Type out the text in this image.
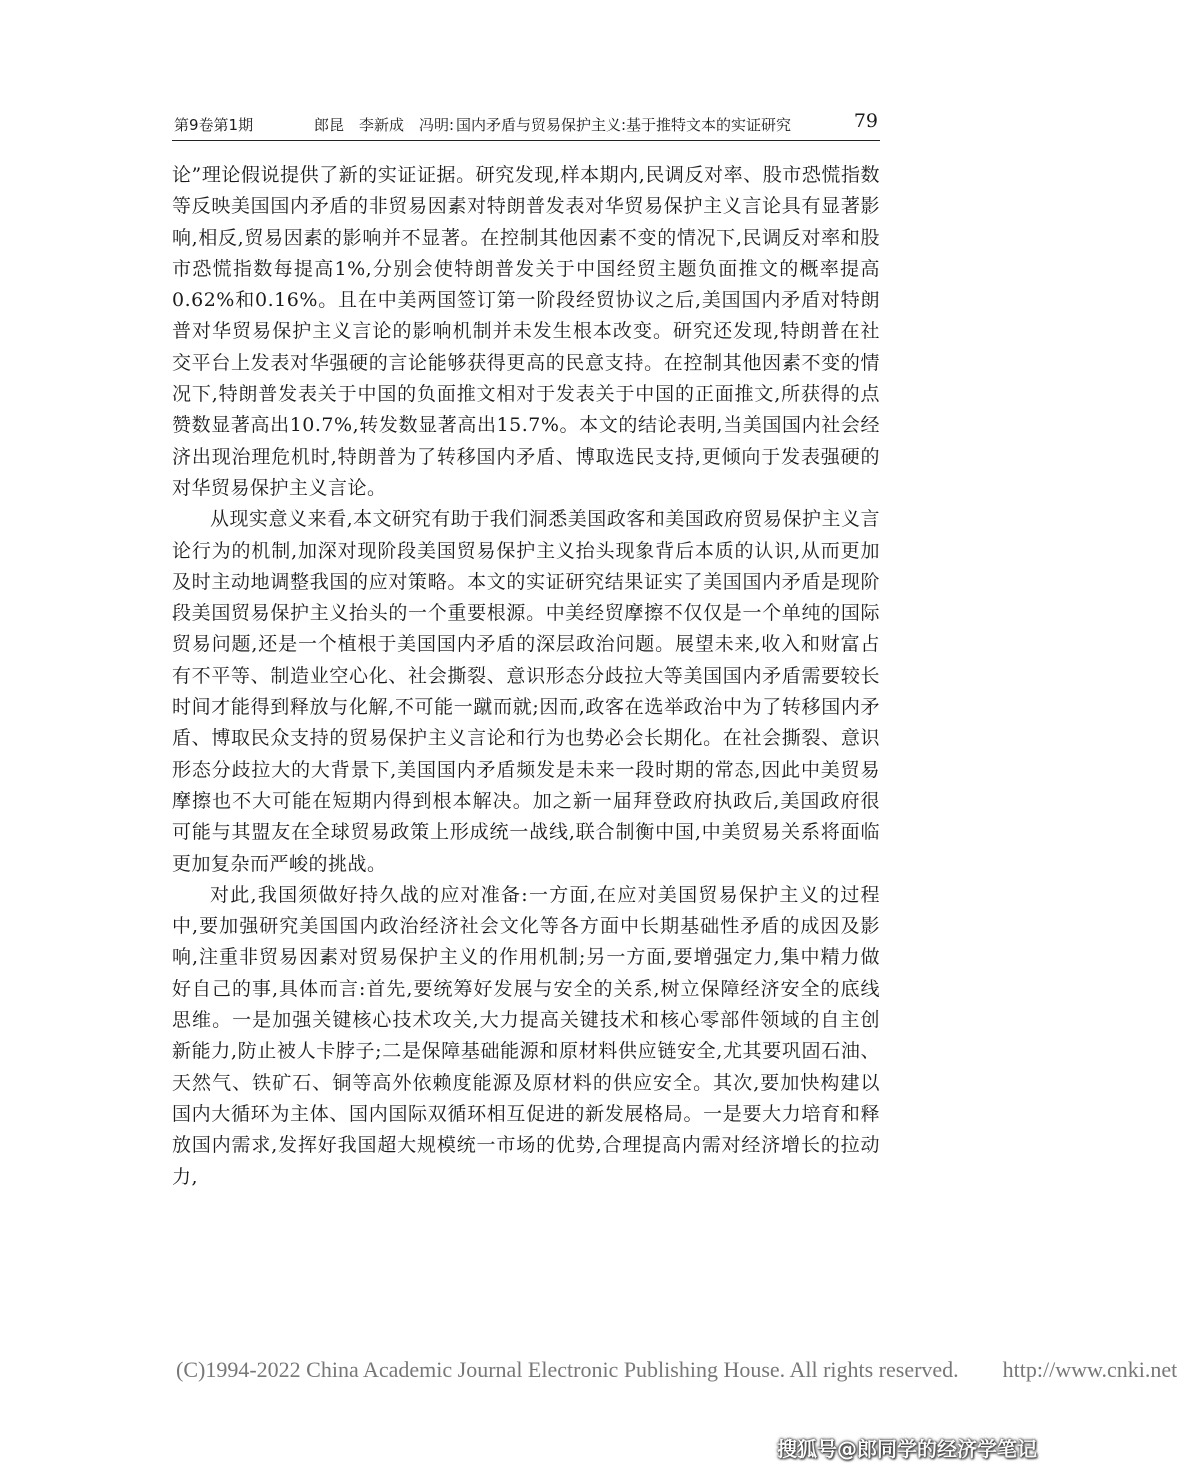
第9卷第1期	郎昆　李新成　冯明: 国内矛盾与贸易保护主义:基于推特文本的实证研究	79

论”理论假说提供了新的实证证据。研究发现,样本期内,民调反对率、股市恐慌指数等反映美国国内矛盾的非贸易因素对特朗普发表对华贸易保护主义言论具有显著影响,相反,贸易因素的影响并不显著。在控制其他因素不变的情况下,民调反对率和股市恐慌指数每提高1%,分别会使特朗普发关于中国经贸主题负面推文的概率提高0.62%和0.16%。且在中美两国签订第一阶段经贸协议之后,美国国内矛盾对特朗普对华贸易保护主义言论的影响机制并未发生根本改变。研究还发现,特朗普在社交平台上发表对华强硬的言论能够获得更高的民意支持。在控制其他因素不变的情况下,特朗普发表关于中国的负面推文相对于发表关于中国的正面推文,所获得的点赞数显著高出10.7%,转发数显著高出15.7%。本文的结论表明,当美国国内社会经济出现治理危机时,特朗普为了转移国内矛盾、博取选民支持,更倾向于发表强硬的对华贸易保护主义言论。

从现实意义来看,本文研究有助于我们洞悉美国政客和美国政府贸易保护主义言论行为的机制,加深对现阶段美国贸易保护主义抬头现象背后本质的认识,从而更加及时主动地调整我国的应对策略。本文的实证研究结果证实了美国国内矛盾是现阶段美国贸易保护主义抬头的一个重要根源。中美经贸摩擦不仅仅是一个单纯的国际贸易问题,还是一个植根于美国国内矛盾的深层政治问题。展望未来,收入和财富占有不平等、制造业空心化、社会撕裂、意识形态分歧拉大等美国国内矛盾需要较长时间才能得到释放与化解,不可能一蹴而就;因而,政客在选举政治中为了转移国内矛盾、博取民众支持的贸易保护主义言论和行为也势必会长期化。在社会撕裂、意识形态分歧拉大的大背景下,美国国内矛盾频发是未来一段时期的常态,因此中美贸易摩擦也不大可能在短期内得到根本解决。加之新一届拜登政府执政后,美国政府很可能与其盟友在全球贸易政策上形成统一战线,联合制衡中国,中美贸易关系将面临更加复杂而严峻的挑战。

对此,我国须做好持久战的应对准备:一方面,在应对美国贸易保护主义的过程中,要加强研究美国国内政治经济社会文化等各方面中长期基础性矛盾的成因及影响,注重非贸易因素对贸易保护主义的作用机制;另一方面,要增强定力,集中精力做好自己的事,具体而言:首先,要统筹好发展与安全的关系,树立保障经济安全的底线思维。一是加强关键核心技术攻关,大力提高关键技术和核心零部件领域的自主创新能力,防止被人卡脖子;二是保障基础能源和原材料供应链安全,尤其要巩固石油、天然气、铁矿石、铜等高外依赖度能源及原材料的供应安全。其次,要加快构建以国内大循环为主体、国内国际双循环相互促进的新发展格局。一是要大力培育和释放国内需求,发挥好我国超大规模统一市场的优势,合理提高内需对经济增长的拉动力,

(C)1994-2022 China Academic Journal Electronic Publishing House. All rights reserved.　　http://www.cnki.net
搜狐号@郎同学的经济学笔记
